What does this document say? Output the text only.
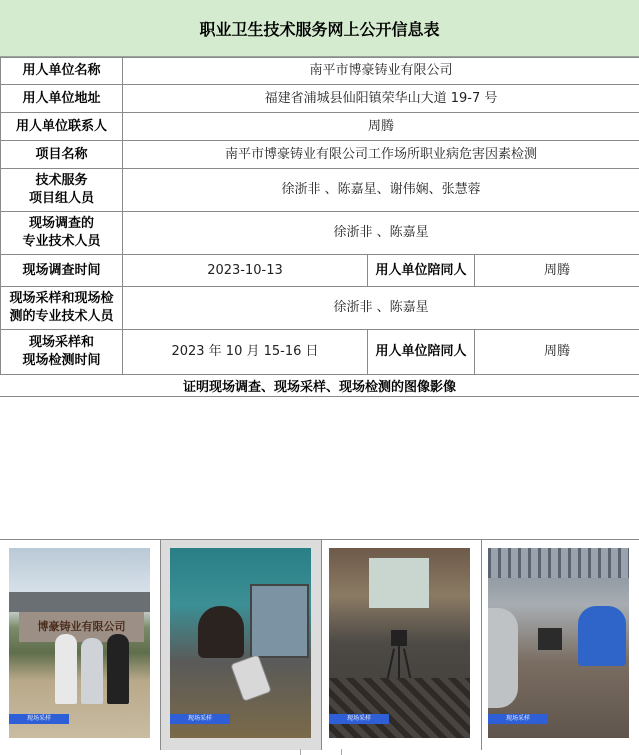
职业卫生技术服务网上公开信息表
用人单位名称	南平市博豪铸业有限公司		
用人单位地址	福建省浦城县仙阳镇荣华山大道 19-7 号		
用人单位联系人	周腾		
项目名称	南平市博豪铸业有限公司工作场所职业病危害因素检测		

技术服务
项目组人员	徐浙非 、陈嘉星、谢伟娴、张慧蓉		

现场调查的
专业技术人员	徐浙非 、陈嘉星		
现场调查时间	2023-10-13	用人单位陪同人	周腾

现场采样和现场检
测的专业技术人员	徐浙非 、陈嘉星		

现场采样和
现场检测时间	2023 年 10 月 15-16 日	用人单位陪同人	周腾
证明现场调查、现场采样、现场检测的图像影像
博豪铸业有限公司
现场采样	现场采样	现场采样	现场采样
